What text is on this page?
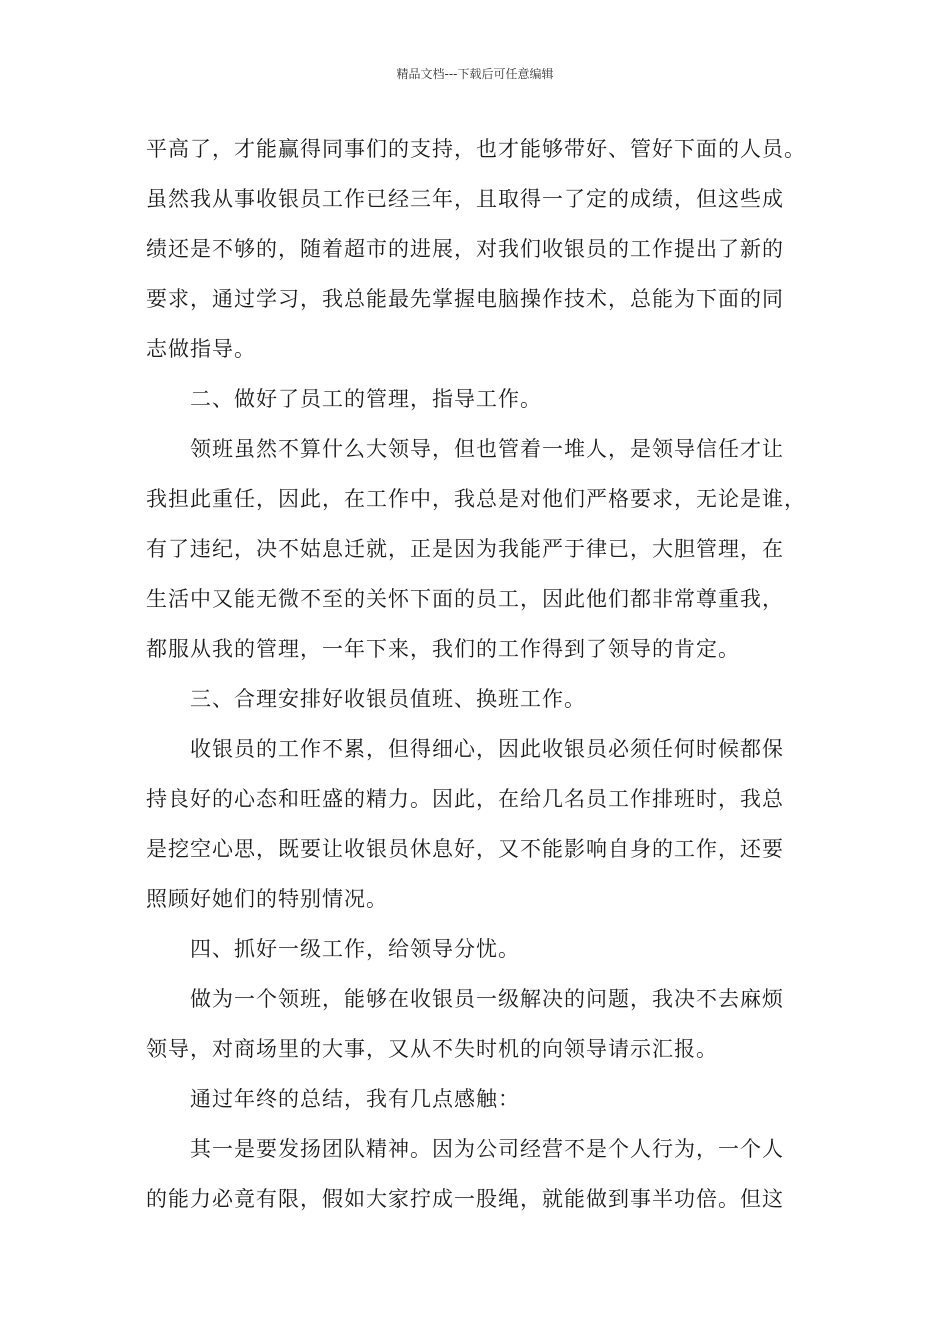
精品文档---下载后可任意编辑
平高了，才能赢得同事们的支持，也才能够带好、管好下面的人员。
虽然我从事收银员工作已经三年，且取得一了定的成绩，但这些成
绩还是不够的，随着超市的进展，对我们收银员的工作提出了新的
要求，通过学习，我总能最先掌握电脑操作技术，总能为下面的同
志做指导。
二、做好了员工的管理，指导工作。
领班虽然不算什么大领导，但也管着一堆人，是领导信任才让
我担此重任，因此，在工作中，我总是对他们严格要求，无论是谁，
有了违纪，决不姑息迁就，正是因为我能严于律已，大胆管理，在
生活中又能无微不至的关怀下面的员工，因此他们都非常尊重我，
都服从我的管理，一年下来，我们的工作得到了领导的肯定。
三、合理安排好收银员值班、换班工作。
收银员的工作不累，但得细心，因此收银员必须任何时候都保
持良好的心态和旺盛的精力。因此，在给几名员工作排班时，我总
是挖空心思，既要让收银员休息好，又不能影响自身的工作，还要
照顾好她们的特别情况。
四、抓好一级工作，给领导分忧。
做为一个领班，能够在收银员一级解决的问题，我决不去麻烦
领导，对商场里的大事，又从不失时机的向领导请示汇报。
通过年终的总结，我有几点感触：
其一是要发扬团队精神。因为公司经营不是个人行为，一个人
的能力必竟有限，假如大家拧成一股绳，就能做到事半功倍。但这
